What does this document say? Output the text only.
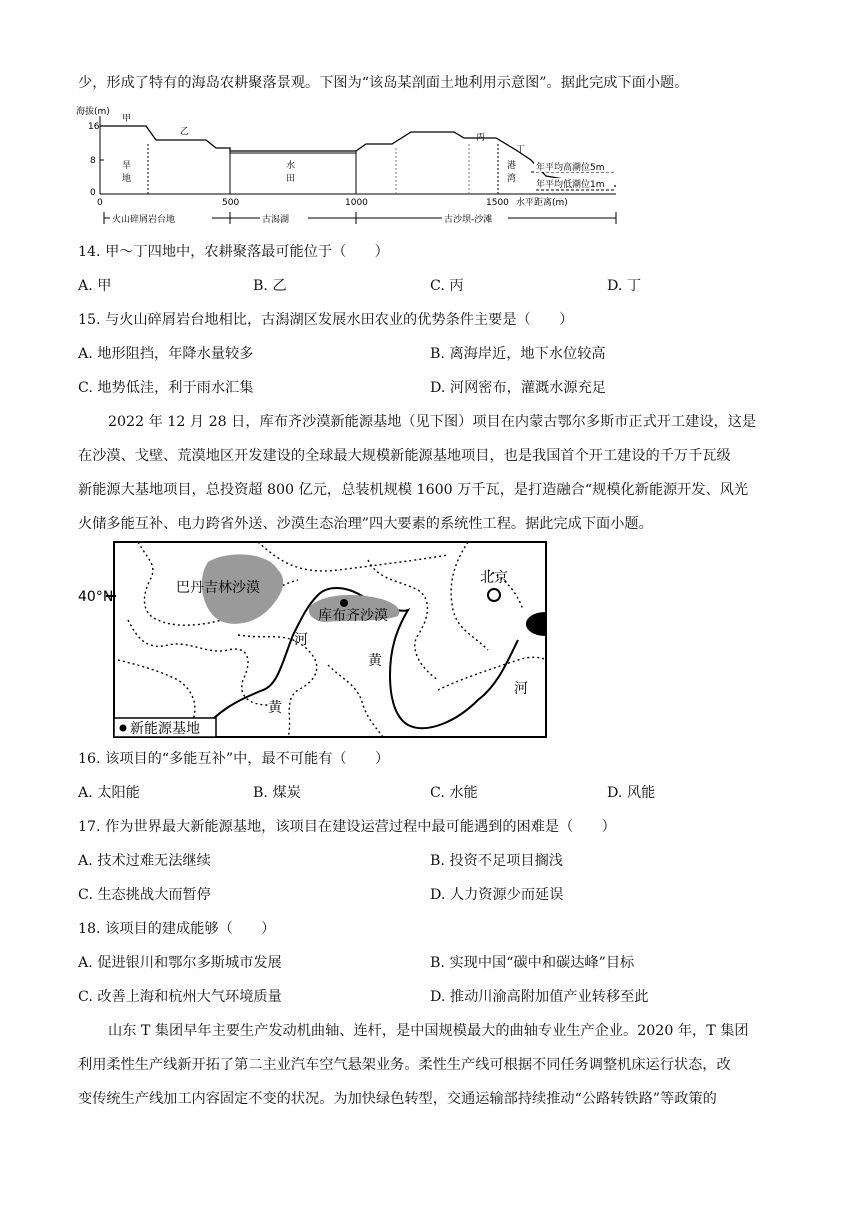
少，形成了特有的海岛农耕聚落景观。下图为“该岛某剖面土地利用示意图”。据此完成下面小题。
海拔(m)
16
8
0
0	500	1000	1500 水平距离(m)
甲
乙
丙
丁
旱
地
水
田
港
湾
年平均高潮位5m
年平均低潮位1m
火山碎屑岩台地	古潟湖	古沙坝-沙滩
14. 甲～丁四地中，农耕聚落最可能位于（　　）
A. 甲	B. 乙	C. 丙	D. 丁
15. 与火山碎屑岩台地相比，古潟湖区发展水田农业的优势条件主要是（　　）
A. 地形阻挡，年降水量较多	B. 离海岸近，地下水位较高
C. 地势低洼，利于雨水汇集	D. 河网密布，灌溉水源充足
2022 年 12 月 28 日，库布齐沙漠新能源基地（见下图）项目在内蒙古鄂尔多斯市正式开工建设，这是
在沙漠、戈壁、荒漠地区开发建设的全球最大规模新能源基地项目，也是我国首个开工建设的千万千瓦级
新能源大基地项目，总投资超 800 亿元，总装机规模 1600 万千瓦，是打造融合“规模化新能源开发、风光
火储多能互补、电力跨省外送、沙漠生态治理”四大要素的系统性工程。据此完成下面小题。
40°N
巴丹吉林沙漠
库布齐沙漠
北京
河
黄
黄
河
新能源基地
16. 该项目的“多能互补”中，最不可能有（　　）
A. 太阳能	B. 煤炭	C. 水能	D. 风能
17. 作为世界最大新能源基地，该项目在建设运营过程中最可能遇到的困难是（　　）
A. 技术过难无法继续	B. 投资不足项目搁浅
C. 生态挑战大而暂停	D. 人力资源少而延误
18. 该项目的建成能够（　　）
A. 促进银川和鄂尔多斯城市发展	B. 实现中国“碳中和碳达峰”目标
C. 改善上海和杭州大气环境质量	D. 推动川渝高附加值产业转移至此
山东 T 集团早年主要生产发动机曲轴、连杆，是中国规模最大的曲轴专业生产企业。2020 年，T 集团
利用柔性生产线新开拓了第二主业汽车空气悬架业务。柔性生产线可根据不同任务调整机床运行状态，改
变传统生产线加工内容固定不变的状况。为加快绿色转型，交通运输部持续推动“公路转铁路”等政策的
